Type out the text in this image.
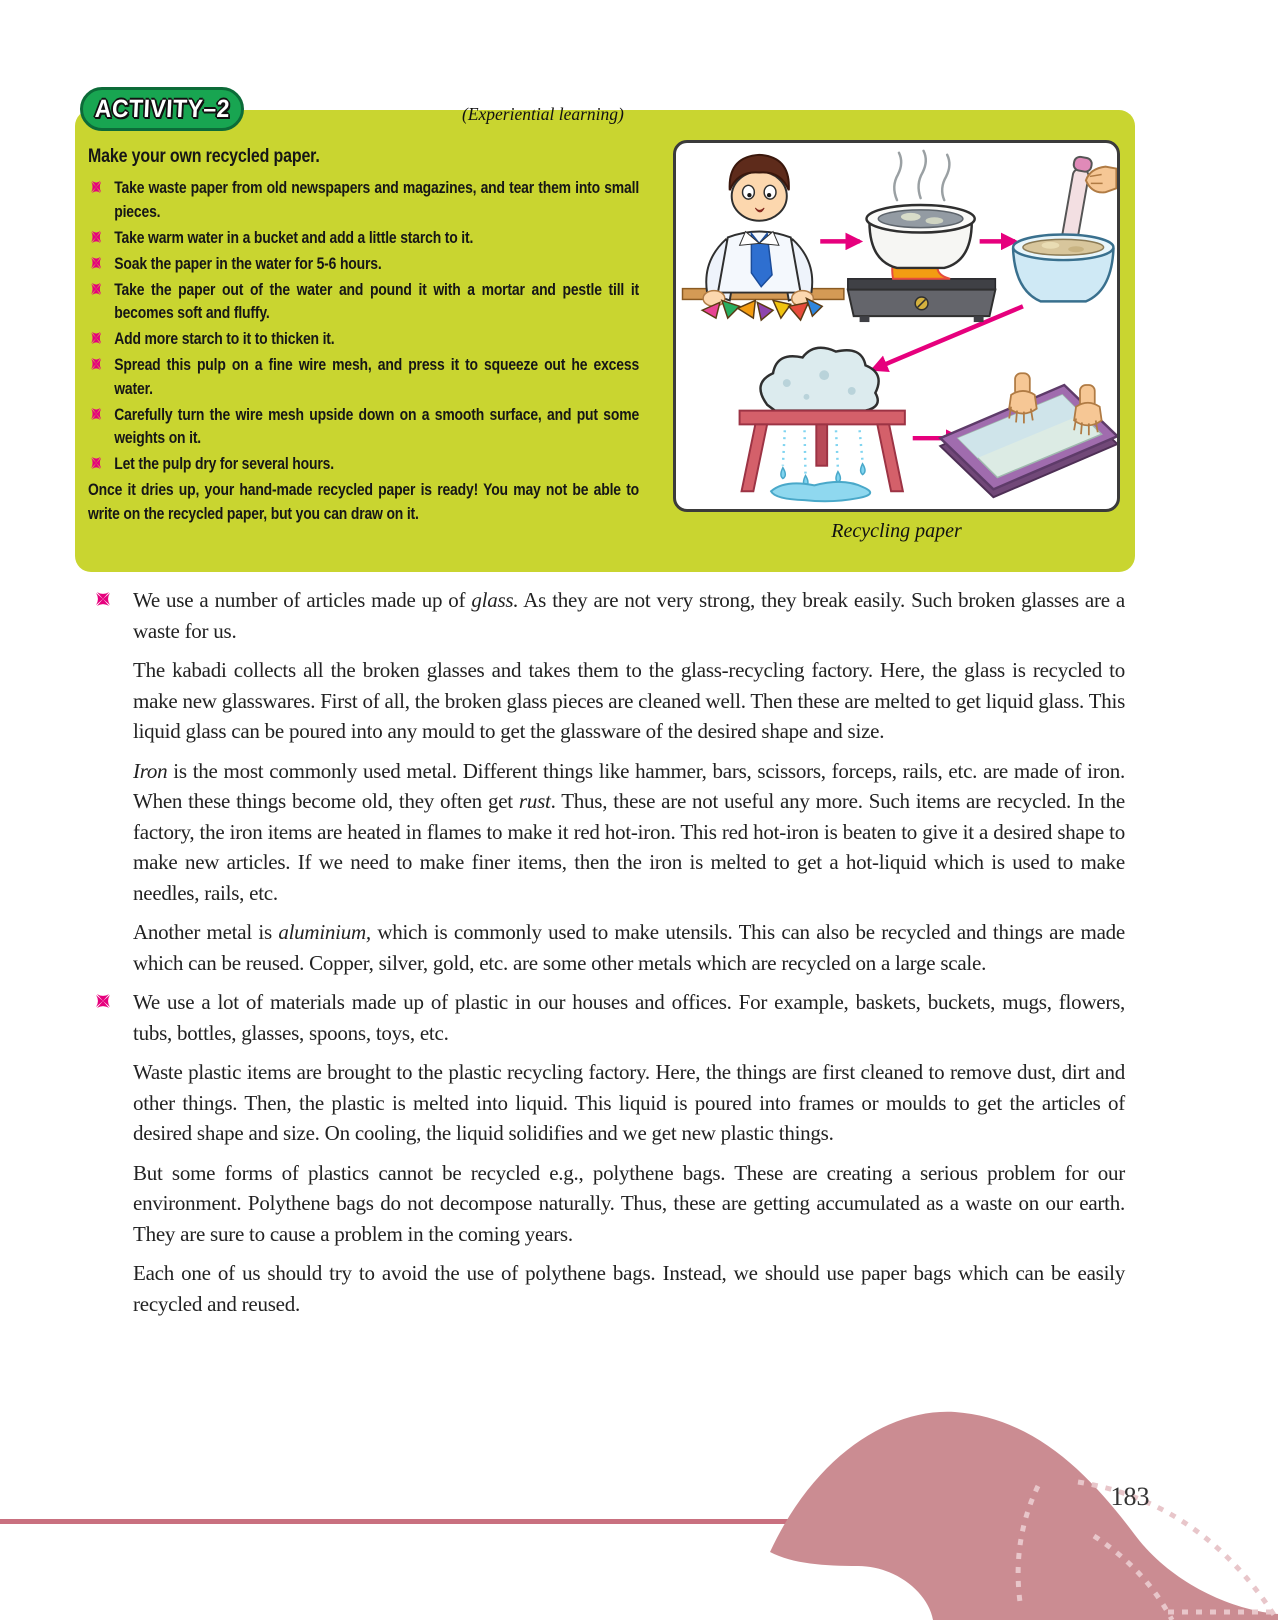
ACTIVITY–2	(Experiential learning)

Make your own recycled paper.

Take waste paper from old newspapers and magazines, and tear them into small pieces.
Take warm water in a bucket and add a little starch to it.
Soak the paper in the water for 5-6 hours.
Take the paper out of the water and pound it with a mortar and pestle till it becomes soft and fluffy.
Add more starch to it to thicken it.
Spread this pulp on a fine wire mesh, and press it to squeeze out he excess water.
Carefully turn the wire mesh upside down on a smooth surface, and put some weights on it.
Let the pulp dry for several hours.
Once it dries up, your hand-made recycled paper is ready! You may not be able to write on the recycled paper, but you can draw on it.
Recycling paper
We use a number of articles made up of glass. As they are not very strong, they break easily. Such broken glasses are a waste for us.
The kabadi collects all the broken glasses and takes them to the glass-recycling factory. Here, the glass is recycled to make new glasswares. First of all, the broken glass pieces are cleaned well. Then these are melted to get liquid glass. This liquid glass can be poured into any mould to get the glassware of the desired shape and size.
Iron is the most commonly used metal. Different things like hammer, bars, scissors, forceps, rails, etc. are made of iron. When these things become old, they often get rust. Thus, these are not useful any more. Such items are recycled. In the factory, the iron items are heated in flames to make it red hot-iron. This red hot-iron is beaten to give it a desired shape to make new articles. If we need to make finer items, then the iron is melted to get a hot-liquid which is used to make needles, rails, etc.
Another metal is aluminium, which is commonly used to make utensils. This can also be recycled and things are made which can be reused. Copper, silver, gold, etc. are some other metals which are recycled on a large scale.
We use a lot of materials made up of plastic in our houses and offices. For example, baskets, buckets, mugs, flowers, tubs, bottles, glasses, spoons, toys, etc.
Waste plastic items are brought to the plastic recycling factory. Here, the things are first cleaned to remove dust, dirt and other things. Then, the plastic is melted into liquid. This liquid is poured into frames or moulds to get the articles of desired shape and size. On cooling, the liquid solidifies and we get new plastic things.
But some forms of plastics cannot be recycled e.g., polythene bags. These are creating a serious problem for our environment. Polythene bags do not decompose naturally. Thus, these are getting accumulated as a waste on our earth. They are sure to cause a problem in the coming years.
Each one of us should try to avoid the use of polythene bags. Instead, we should use paper bags which can be easily recycled and reused.
183
